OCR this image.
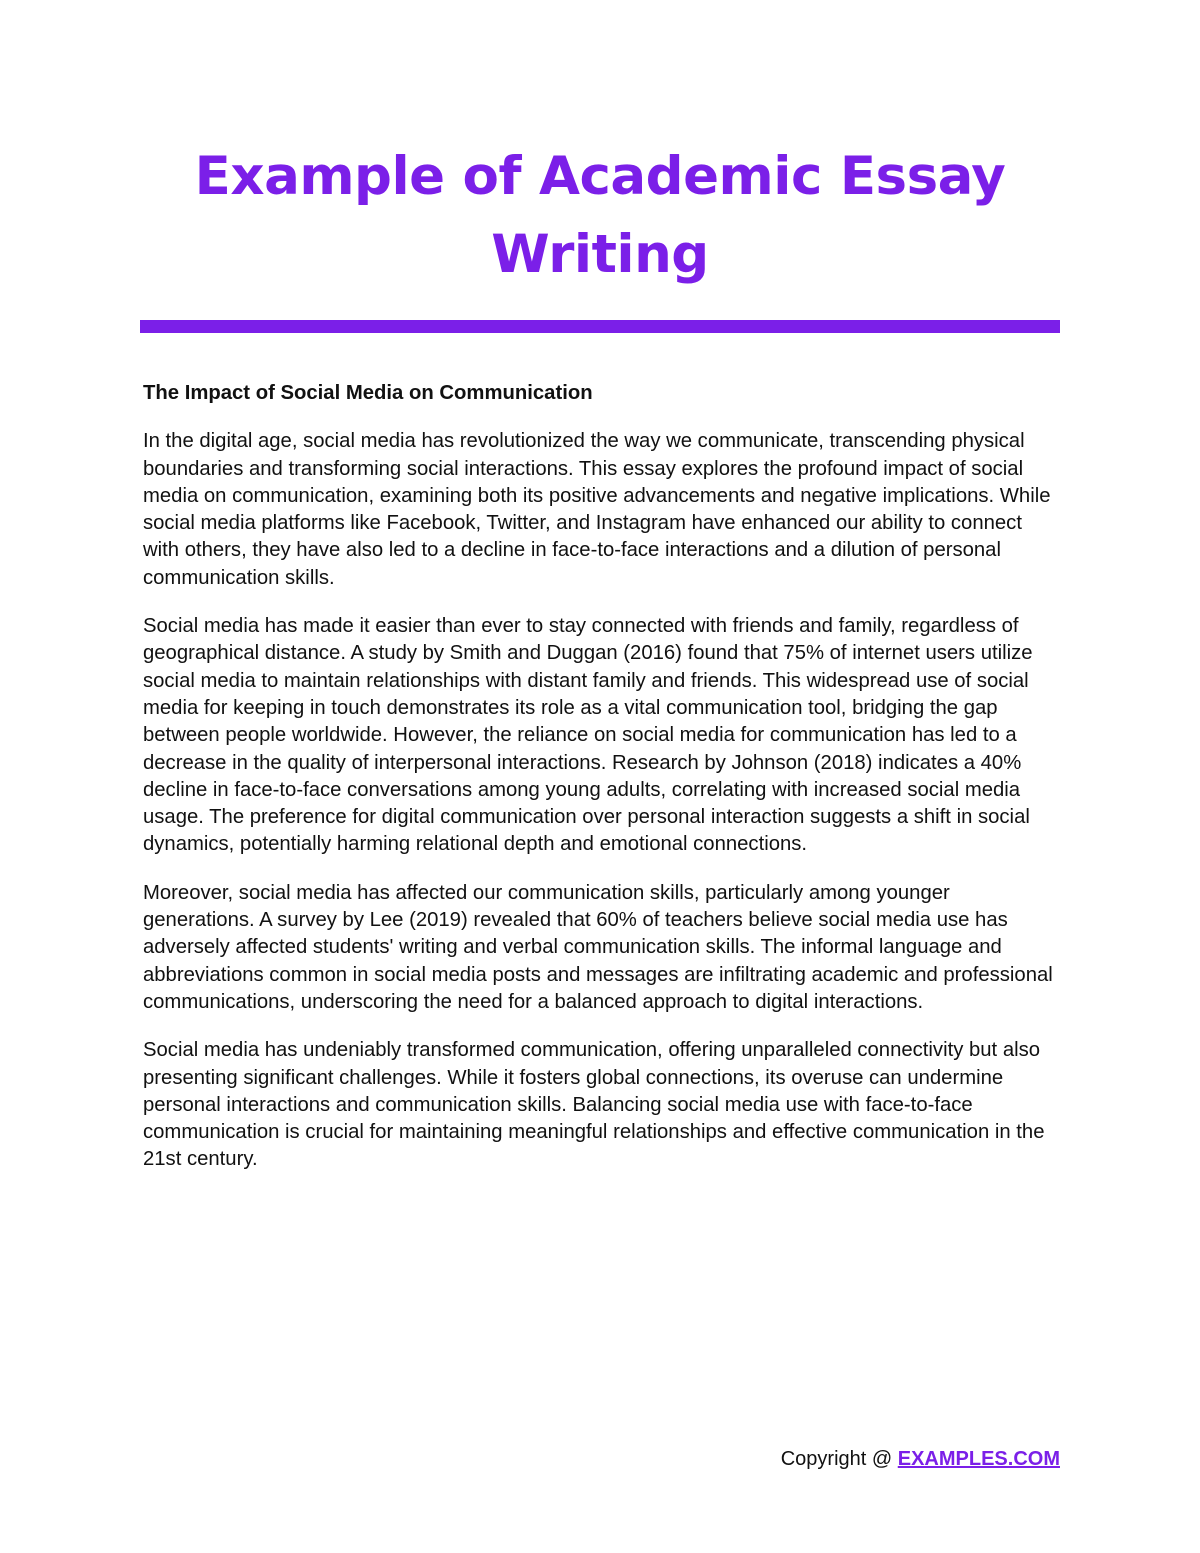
Example of Academic Essay Writing

The Impact of Social Media on Communication

In the digital age, social media has revolutionized the way we communicate, transcending physical boundaries and transforming social interactions. This essay explores the profound impact of social media on communication, examining both its positive advancements and negative implications. While social media platforms like Facebook, Twitter, and Instagram have enhanced our ability to connect with others, they have also led to a decline in face-to-face interactions and a dilution of personal communication skills.

Social media has made it easier than ever to stay connected with friends and family, regardless of geographical distance. A study by Smith and Duggan (2016) found that 75% of internet users utilize social media to maintain relationships with distant family and friends. This widespread use of social media for keeping in touch demonstrates its role as a vital communication tool, bridging the gap between people worldwide. However, the reliance on social media for communication has led to a decrease in the quality of interpersonal interactions. Research by Johnson (2018) indicates a 40% decline in face-to-face conversations among young adults, correlating with increased social media usage. The preference for digital communication over personal interaction suggests a shift in social dynamics, potentially harming relational depth and emotional connections.

Moreover, social media has affected our communication skills, particularly among younger generations. A survey by Lee (2019) revealed that 60% of teachers believe social media use has adversely affected students' writing and verbal communication skills. The informal language and abbreviations common in social media posts and messages are infiltrating academic and professional communications, underscoring the need for a balanced approach to digital interactions.

Social media has undeniably transformed communication, offering unparalleled connectivity but also presenting significant challenges. While it fosters global connections, its overuse can undermine personal interactions and communication skills. Balancing social media use with face-to-face communication is crucial for maintaining meaningful relationships and effective communication in the 21st century.

Copyright @ EXAMPLES.COM
